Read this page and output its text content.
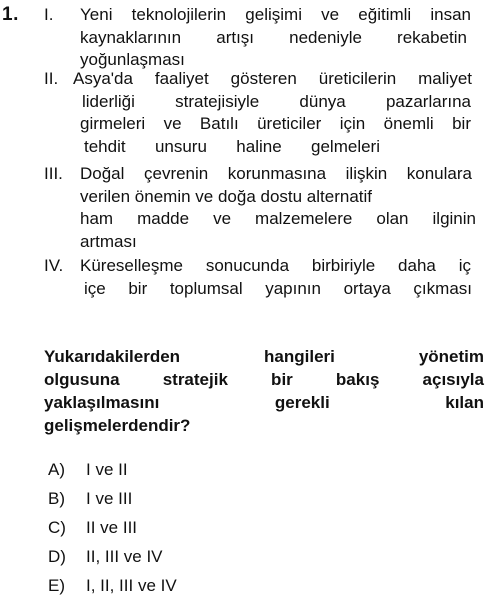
1. I. Yeni teknolojilerin gelişimi ve eğitimli insan
kaynaklarının artışı nedeniyle rekabetin
yoğunlaşması
II. Asya'da faaliyet gösteren üreticilerin maliyet
liderliği stratejisiyle dünya pazarlarına
girmeleri ve Batılı üreticiler için önemli bir
tehdit unsuru haline gelmeleri
III. Doğal çevrenin korunmasına ilişkin konulara
verilen önemin ve doğa dostu alternatif
ham madde ve malzemelere olan ilginin
artması
IV. Küreselleşme sonucunda birbiriyle daha iç
içe bir toplumsal yapının ortaya çıkması
Yukarıdakilerden hangileri yönetim
olgusuna stratejik bir bakış açısıyla
yaklaşılmasını gerekli kılan
gelişmelerdendir?
A)	I ve II
B)	I ve III
C)	II ve III
D)	II, III ve IV
E)	I, II, III ve IV
